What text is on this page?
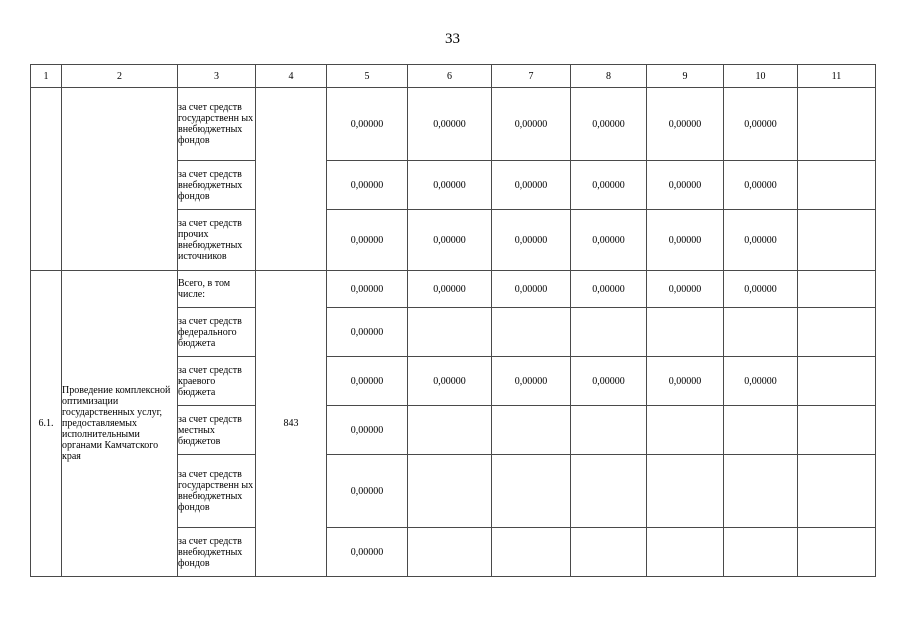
33
1	2	3	4	5	6	7	8	9	10	11
		за счет средств государственн ых внебюджетных фондов		0,00000	0,00000	0,00000	0,00000	0,00000	0,00000	
		за счет средств внебюджетных фондов		0,00000	0,00000	0,00000	0,00000	0,00000	0,00000	
		за счет средств прочих внебюджетных источников		0,00000	0,00000	0,00000	0,00000	0,00000	0,00000	
6.1.	Проведение комплексной оптимизации государственных услуг, предоставляемых исполнительными органами Камчатского края	Всего, в том числе:	843	0,00000	0,00000	0,00000	0,00000	0,00000	0,00000	
		за счет средств федерального бюджета		0,00000						
		за счет средств краевого бюджета		0,00000	0,00000	0,00000	0,00000	0,00000	0,00000	
		за счет средств местных бюджетов		0,00000						
		за счет средств государственн ых внебюджетных фондов		0,00000						
		за счет средств внебюджетных фондов		0,00000						
